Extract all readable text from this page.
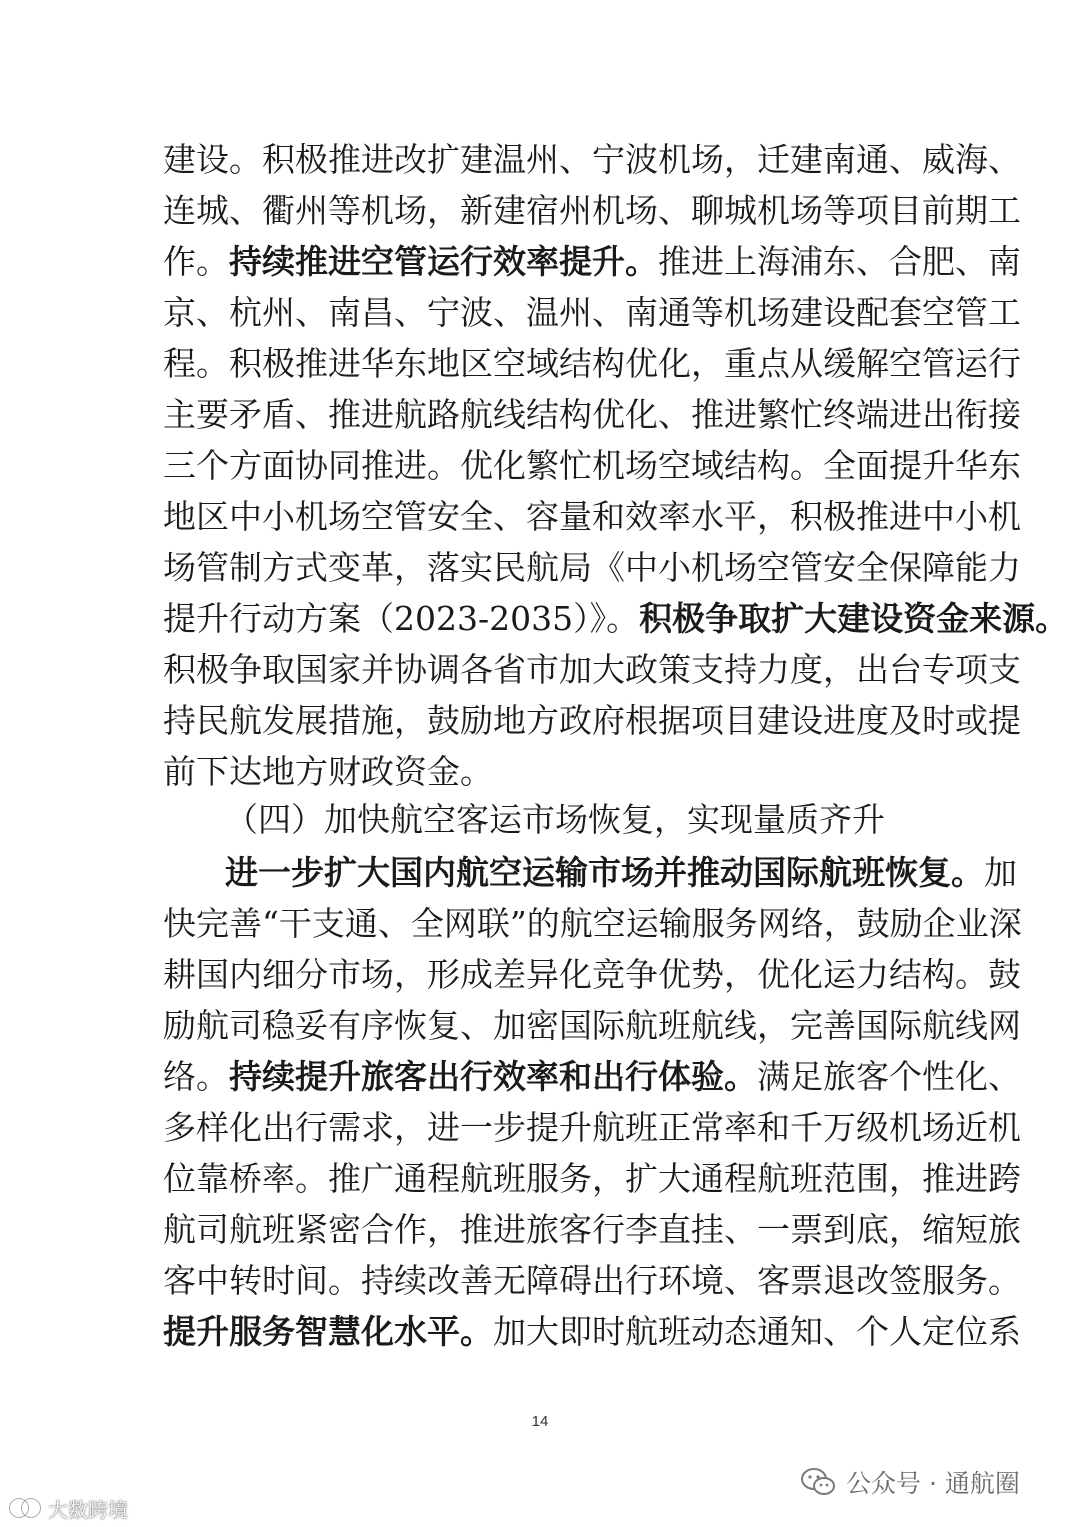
建设。积极推进改扩建温州、宁波机场，迁建南通、威海、
连城、衢州等机场，新建宿州机场、聊城机场等项目前期工
作。持续推进空管运行效率提升。推进上海浦东、合肥、南
京、杭州、南昌、宁波、温州、南通等机场建设配套空管工
程。积极推进华东地区空域结构优化，重点从缓解空管运行
主要矛盾、推进航路航线结构优化、推进繁忙终端进出衔接
三个方面协同推进。优化繁忙机场空域结构。全面提升华东
地区中小机场空管安全、容量和效率水平，积极推进中小机
场管制方式变革，落实民航局《中小机场空管安全保障能力
提升行动方案（2023-2035）》。积极争取扩大建设资金来源。
积极争取国家并协调各省市加大政策支持力度，出台专项支
持民航发展措施，鼓励地方政府根据项目建设进度及时或提
前下达地方财政资金。
（四）加快航空客运市场恢复，实现量质齐升
进一步扩大国内航空运输市场并推动国际航班恢复。加
快完善“干支通、全网联”的航空运输服务网络，鼓励企业深
耕国内细分市场，形成差异化竞争优势，优化运力结构。鼓
励航司稳妥有序恢复、加密国际航班航线，完善国际航线网
络。持续提升旅客出行效率和出行体验。满足旅客个性化、
多样化出行需求，进一步提升航班正常率和千万级机场近机
位靠桥率。推广通程航班服务，扩大通程航班范围，推进跨
航司航班紧密合作，推进旅客行李直挂、一票到底，缩短旅
客中转时间。持续改善无障碍出行环境、客票退改签服务。
提升服务智慧化水平。加大即时航班动态通知、个人定位系
14
公众号 · 通航圈
大数跨境
